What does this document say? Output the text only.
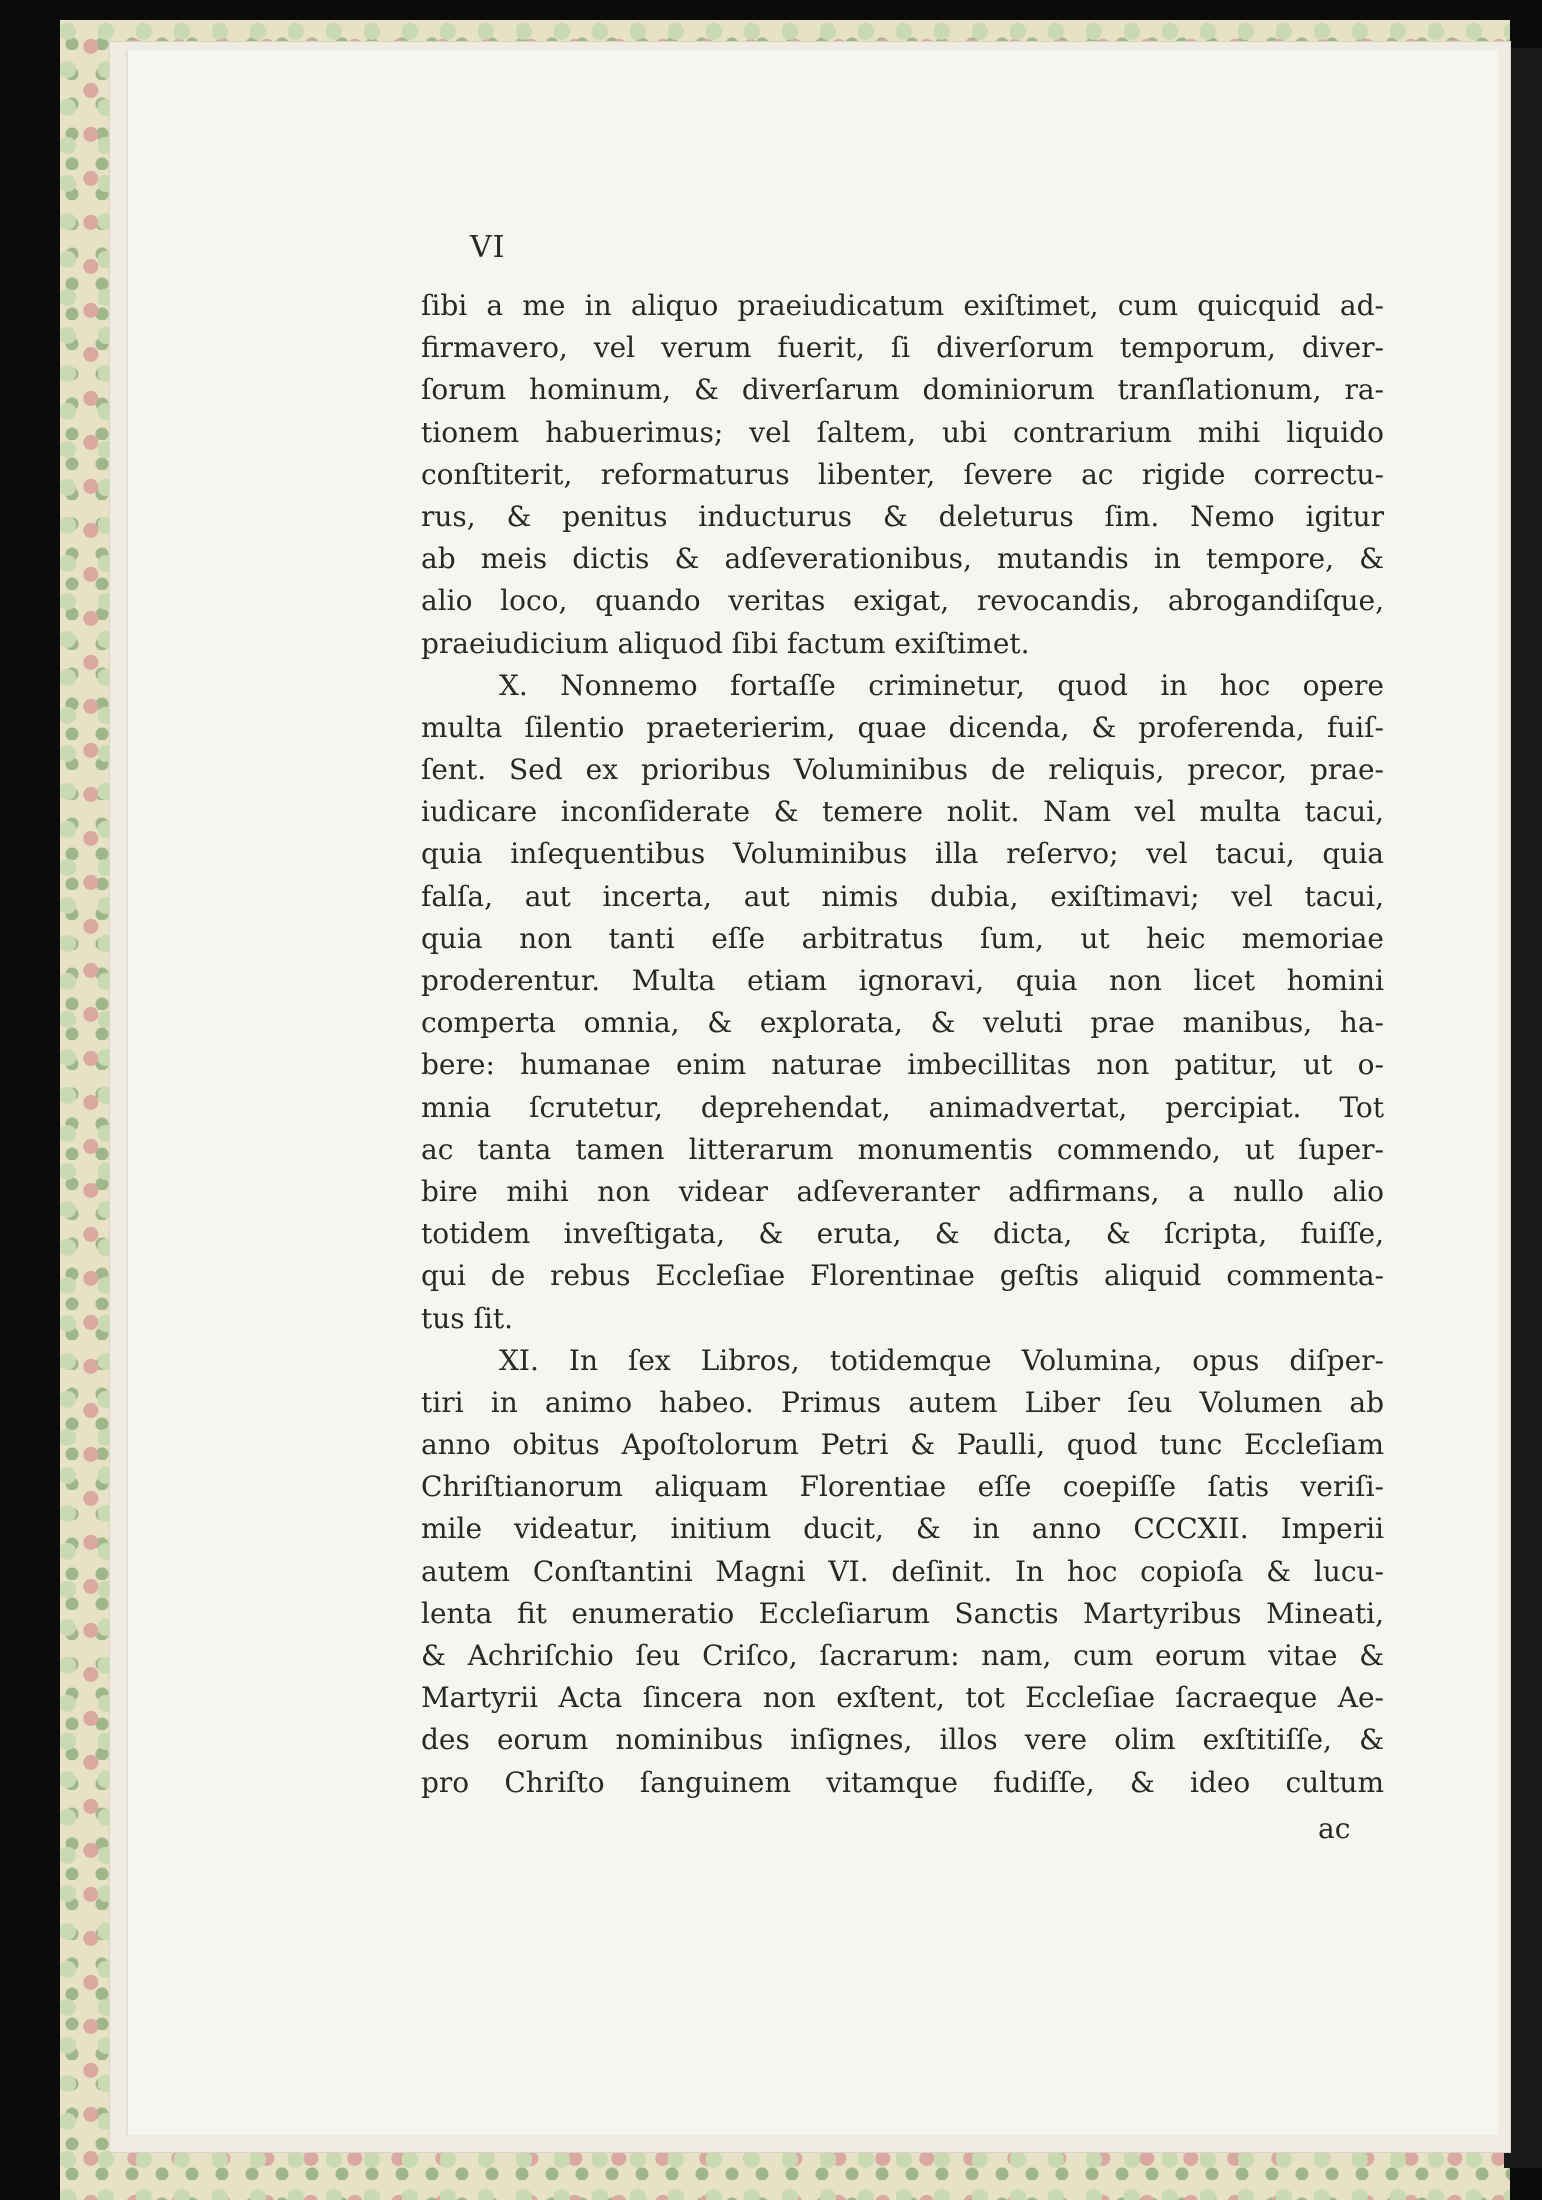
VI
ſibi a me in aliquo praeiudicatum exiſtimet, cum quicquid ad-
firmavero, vel verum fuerit, ſi diverſorum temporum, diver-
ſorum hominum, & diverſarum dominiorum tranſlationum, ra-
tionem habuerimus; vel ſaltem, ubi contrarium mihi liquido
conſtiterit, reformaturus libenter, ſevere ac rigide correctu-
rus, & penitus inducturus & deleturus ſim. Nemo igitur
ab meis dictis & adſeverationibus, mutandis in tempore, &
alio loco, quando veritas exigat, revocandis, abrogandiſque,
praeiudicium aliquod ſibi factum exiſtimet.
X. Nonnemo fortaſſe criminetur, quod in hoc opere
multa ſilentio praeterierim, quae dicenda, & proferenda, fuiſ-
ſent. Sed ex prioribus Voluminibus de reliquis, precor, prae-
iudicare inconſiderate & temere nolit. Nam vel multa tacui,
quia inſequentibus Voluminibus illa reſervo; vel tacui, quia
falſa, aut incerta, aut nimis dubia, exiſtimavi; vel tacui,
quia non tanti eſſe arbitratus ſum, ut heic memoriae
proderentur. Multa etiam ignoravi, quia non licet homini
comperta omnia, & explorata, & veluti prae manibus, ha-
bere: humanae enim naturae imbecillitas non patitur, ut o-
mnia ſcrutetur, deprehendat, animadvertat, percipiat. Tot
ac tanta tamen litterarum monumentis commendo, ut ſuper-
bire mihi non videar adſeveranter adfirmans, a nullo alio
totidem inveſtigata, & eruta, & dicta, & ſcripta, fuiſſe,
qui de rebus Eccleſiae Florentinae geſtis aliquid commenta-
tus ſit.
XI. In ſex Libros, totidemque Volumina, opus diſper-
tiri in animo habeo. Primus autem Liber ſeu Volumen ab
anno obitus Apoſtolorum Petri & Paulli, quod tunc Eccleſiam
Chriſtianorum aliquam Florentiae eſſe coepiſſe ſatis veriſi-
mile videatur, initium ducit, & in anno CCCXII. Imperii
autem Conſtantini Magni VI. deſinit. In hoc copioſa & lucu-
lenta fit enumeratio Eccleſiarum Sanctis Martyribus Mineati,
& Achriſchio ſeu Criſco, ſacrarum: nam, cum eorum vitae &
Martyrii Acta ſincera non exſtent, tot Eccleſiae ſacraeque Ae-
des eorum nominibus inſignes, illos vere olim exſtitiſſe, &
pro Chriſto ſanguinem vitamque fudiſſe, & ideo cultum
ac
